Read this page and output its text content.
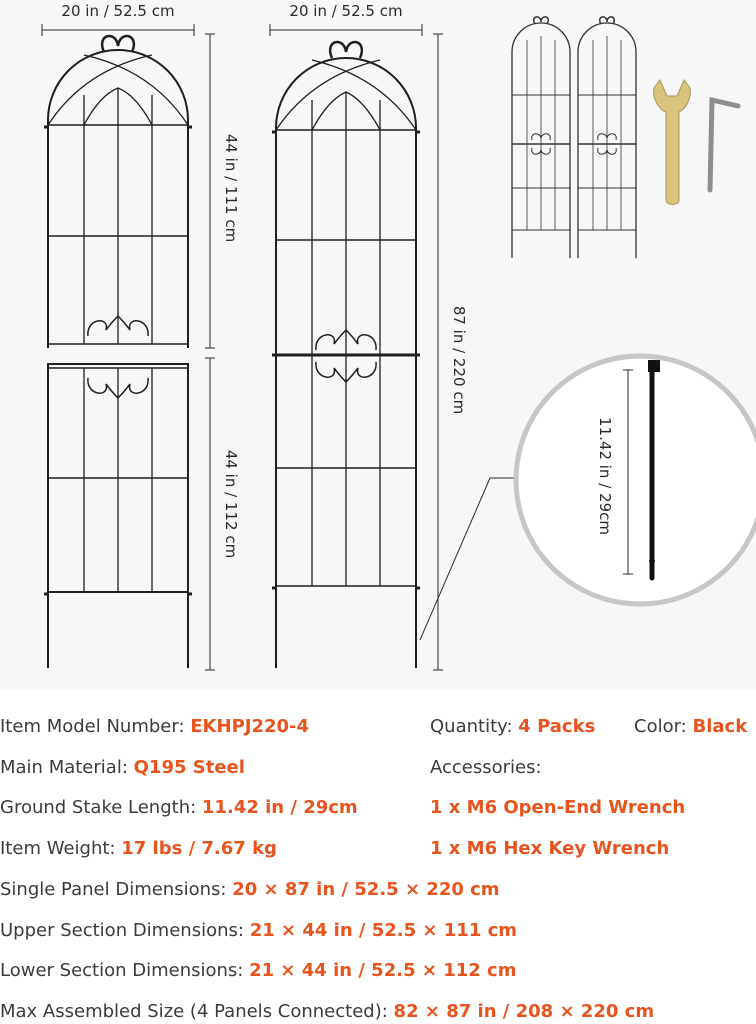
20 in / 52.5 cm	20 in / 52.5 cm
44 in / 111 cm
44 in / 112 cm
87 in / 220 cm
11.42 in / 29cm
Item Model Number: EKHPJ220-4	Quantity: 4 Packs Color: Black
Main Material: Q195 Steel	Accessories:
Ground Stake Length: 11.42 in / 29cm	1 x M6 Open-End Wrench
Item Weight: 17 lbs / 7.67 kg	1 x M6 Hex Key Wrench
Single Panel Dimensions: 20 × 87 in / 52.5 × 220 cm
Upper Section Dimensions: 21 × 44 in / 52.5 × 111 cm
Lower Section Dimensions: 21 × 44 in / 52.5 × 112 cm
Max Assembled Size (4 Panels Connected): 82 × 87 in / 208 × 220 cm
